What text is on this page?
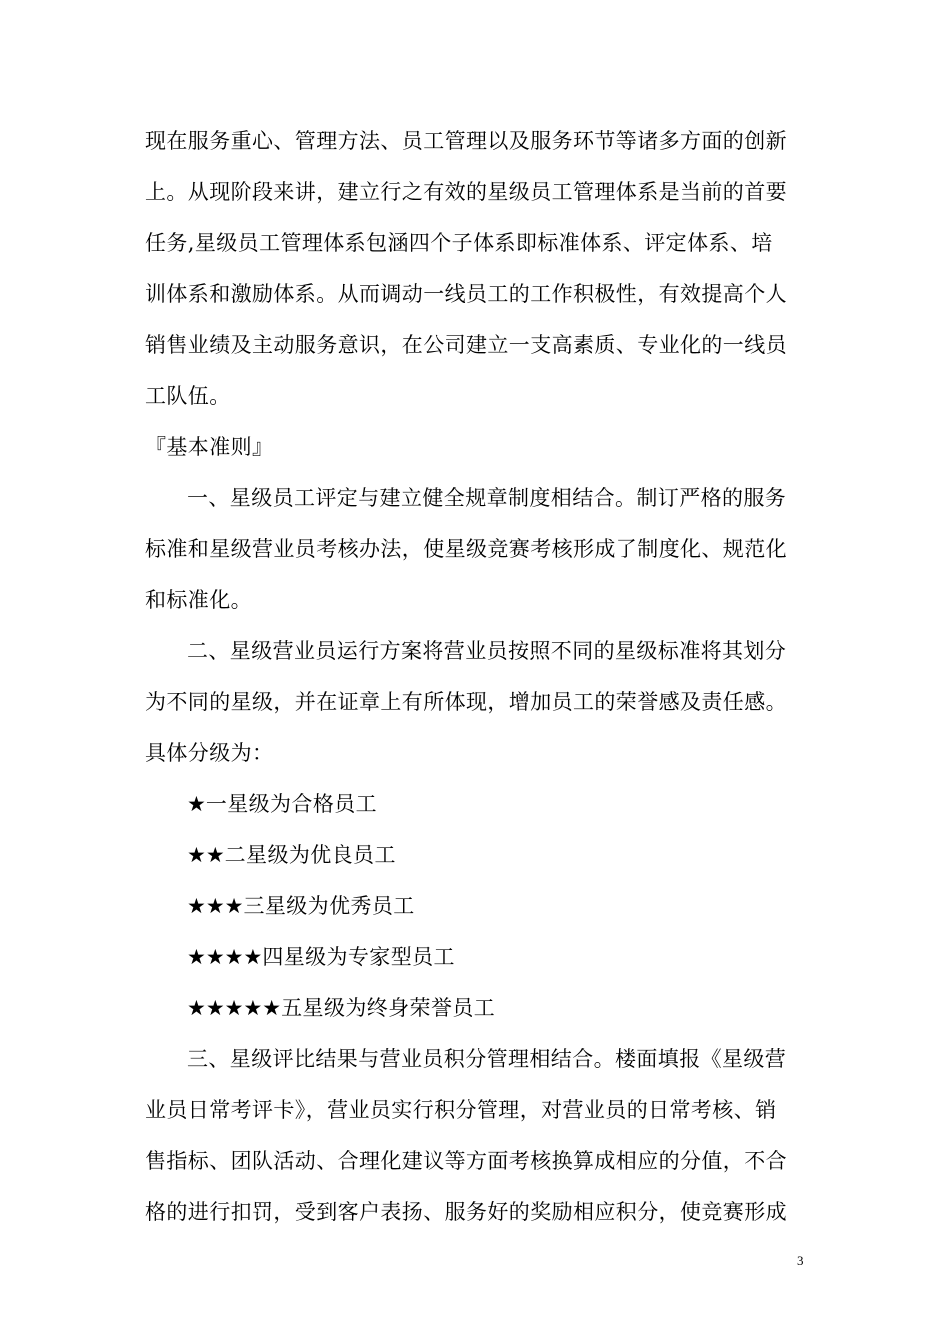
现在服务重心、管理方法、员工管理以及服务环节等诸多方面的创新
上。从现阶段来讲，建立行之有效的星级员工管理体系是当前的首要
任务,星级员工管理体系包涵四个子体系即标准体系、评定体系、培
训体系和激励体系。从而调动一线员工的工作积极性，有效提高个人
销售业绩及主动服务意识，在公司建立一支高素质、专业化的一线员
工队伍。
『基本准则』
一、星级员工评定与建立健全规章制度相结合。制订严格的服务
标准和星级营业员考核办法，使星级竞赛考核形成了制度化、规范化
和标准化。
二、星级营业员运行方案将营业员按照不同的星级标准将其划分
为不同的星级，并在证章上有所体现，增加员工的荣誉感及责任感。
具体分级为：
★一星级为合格员工
★★二星级为优良员工
★★★三星级为优秀员工
★★★★四星级为专家型员工
★★★★★五星级为终身荣誉员工
三、星级评比结果与营业员积分管理相结合。楼面填报《星级营
业员日常考评卡》，营业员实行积分管理，对营业员的日常考核、销
售指标、团队活动、合理化建议等方面考核换算成相应的分值，不合
格的进行扣罚，受到客户表扬、服务好的奖励相应积分，使竞赛形成
3
